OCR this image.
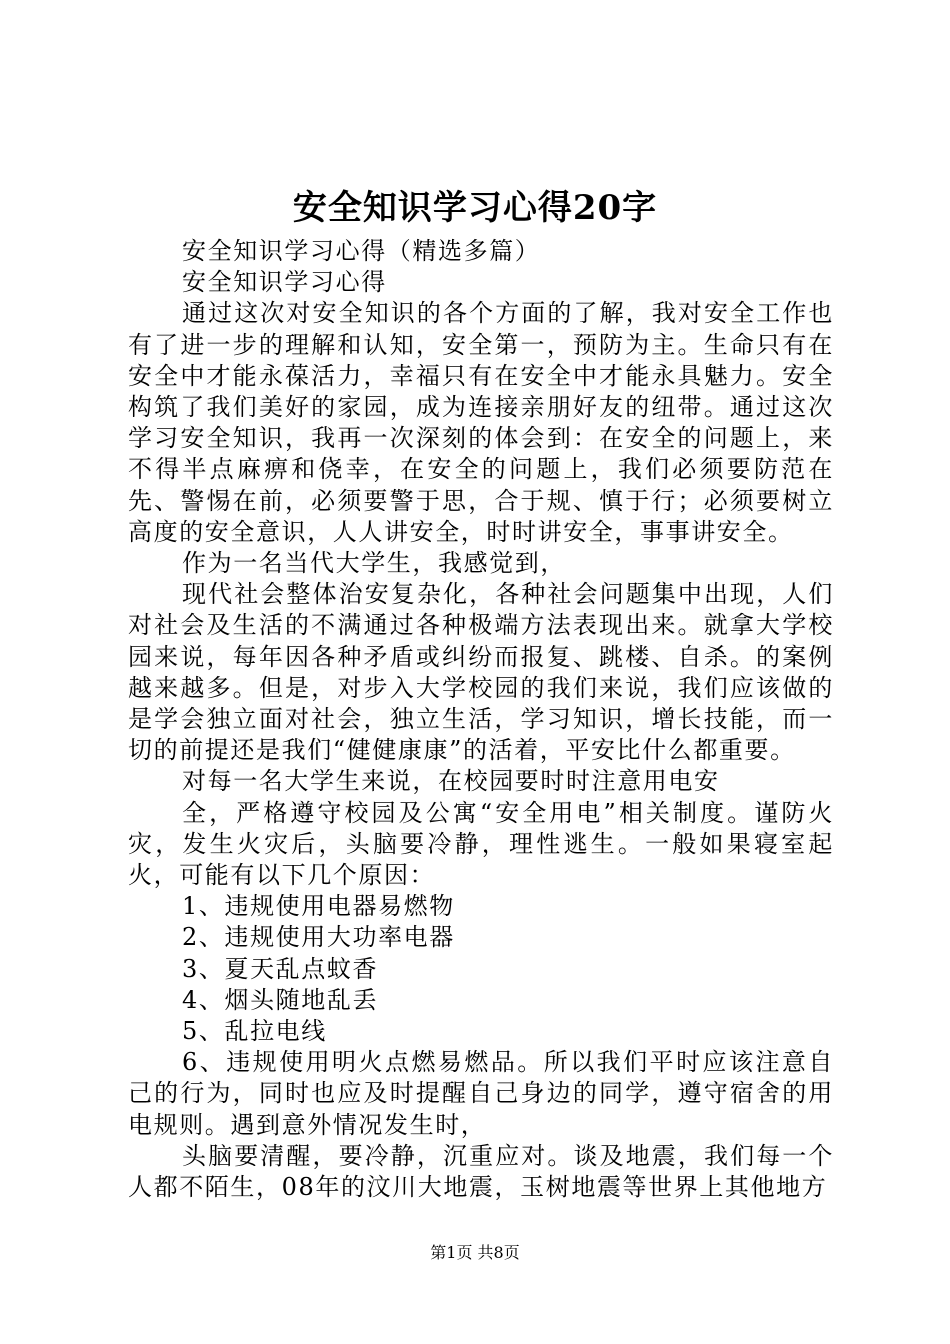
安全知识学习心得20字

安全知识学习心得（精选多篇）

安全知识学习心得

通过这次对安全知识的各个方面的了解，我对安全工作也有了进一步的理解和认知，安全第一，预防为主。生命只有在安全中才能永葆活力，幸福只有在安全中才能永具魅力。安全构筑了我们美好的家园，成为连接亲朋好友的纽带。通过这次学习安全知识，我再一次深刻的体会到：在安全的问题上，来不得半点麻痹和侥幸，在安全的问题上，我们必须要防范在先、警惕在前，必须要警于思，合于规、慎于行；必须要树立高度的安全意识，人人讲安全，时时讲安全，事事讲安全。

作为一名当代大学生，我感觉到，

现代社会整体治安复杂化，各种社会问题集中出现，人们对社会及生活的不满通过各种极端方法表现出来。就拿大学校园来说，每年因各种矛盾或纠纷而报复、跳楼、自杀。的案例越来越多。但是，对步入大学校园的我们来说，我们应该做的是学会独立面对社会，独立生活，学习知识，增长技能，而一切的前提还是我们“健健康康”的活着，平安比什么都重要。

对每一名大学生来说，在校园要时时注意用电安

全，严格遵守校园及公寓“安全用电”相关制度。谨防火灾，发生火灾后，头脑要冷静，理性逃生。一般如果寝室起火，可能有以下几个原因：

1、违规使用电器易燃物

2、违规使用大功率电器

3、夏天乱点蚊香

4、烟头随地乱丢

5、乱拉电线

6、违规使用明火点燃易燃品。所以我们平时应该注意自己的行为，同时也应及时提醒自己身边的同学，遵守宿舍的用电规则。遇到意外情况发生时，

头脑要清醒，要冷静，沉重应对。谈及地震，我们每一个人都不陌生，08年的汶川大地震，玉树地震等世界上其他地方

第1页 共8页
